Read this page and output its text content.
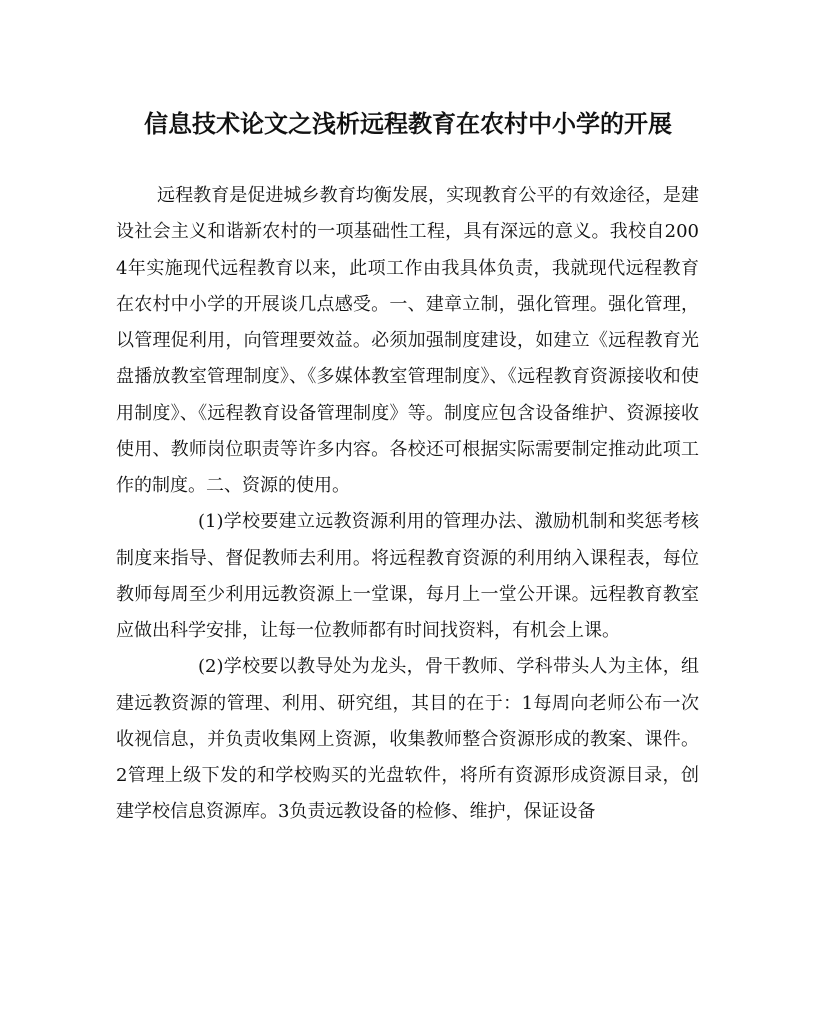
信息技术论文之浅析远程教育在农村中小学的开展

远程教育是促进城乡教育均衡发展，实现教育公平的有效途径，是建设社会主义和谐新农村的一项基础性工程，具有深远的意义。我校自2004年实施现代远程教育以来，此项工作由我具体负责，我就现代远程教育在农村中小学的开展谈几点感受。一、建章立制，强化管理。强化管理，以管理促利用，向管理要效益。必须加强制度建设，如建立《远程教育光盘播放教室管理制度》、《多媒体教室管理制度》、《远程教育资源接收和使用制度》、《远程教育设备管理制度》等。制度应包含设备维护、资源接收使用、教师岗位职责等许多内容。各校还可根据实际需要制定推动此项工作的制度。二、资源的使用。

(1)学校要建立远教资源利用的管理办法、激励机制和奖惩考核制度来指导、督促教师去利用。将远程教育资源的利用纳入课程表，每位教师每周至少利用远教资源上一堂课，每月上一堂公开课。远程教育教室应做出科学安排，让每一位教师都有时间找资料，有机会上课。

(2)学校要以教导处为龙头，骨干教师、学科带头人为主体，组建远教资源的管理、利用、研究组，其目的在于：1每周向老师公布一次收视信息，并负责收集网上资源，收集教师整合资源形成的教案、课件。2管理上级下发的和学校购买的光盘软件，将所有资源形成资源目录，创建学校信息资源库。3负责远教设备的检修、维护，保证设备
